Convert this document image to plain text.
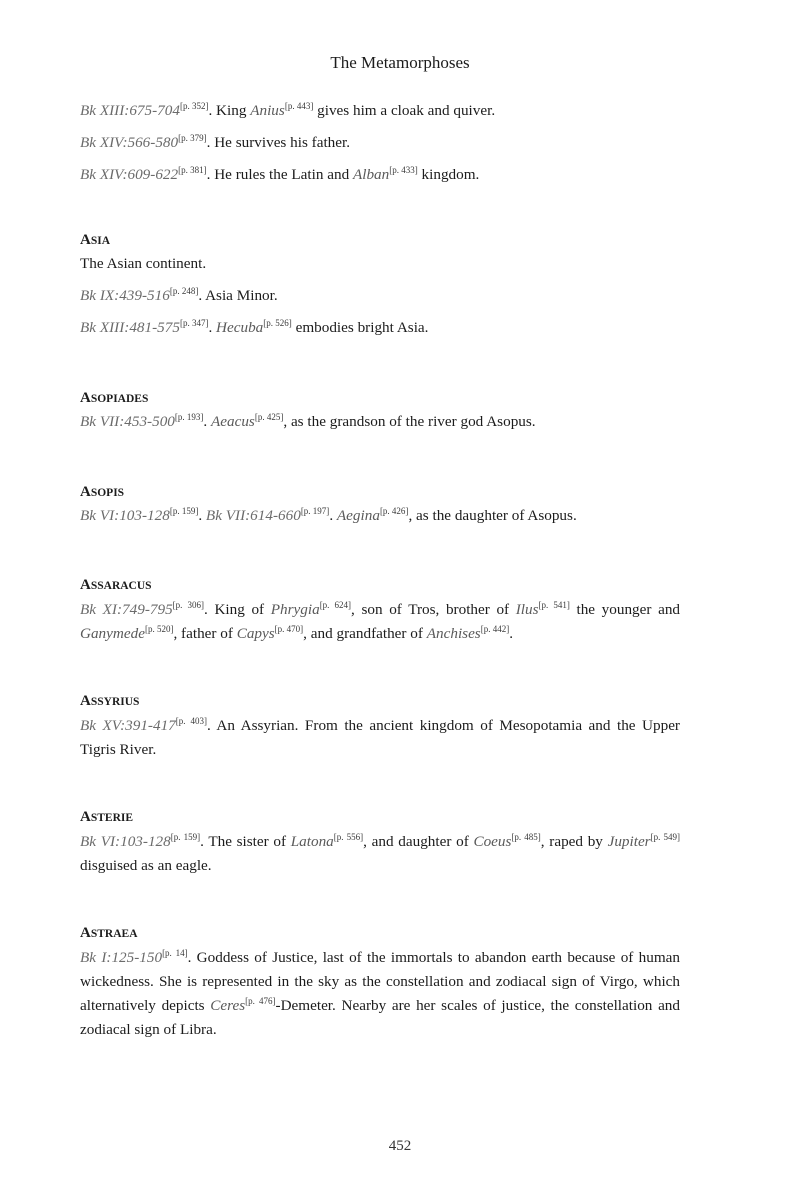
The Metamorphoses
Bk XIII:675-704[p. 352]. King Anius[p. 443] gives him a cloak and quiver.
Bk XIV:566-580[p. 379]. He survives his father.
Bk XIV:609-622[p. 381]. He rules the Latin and Alban[p. 433] kingdom.
ASIA
The Asian continent.
Bk IX:439-516[p. 248]. Asia Minor.
Bk XIII:481-575[p. 347]. Hecuba[p. 526] embodies bright Asia.
ASOPIADES
Bk VII:453-500[p. 193]. Aeacus[p. 425], as the grandson of the river god Asopus.
ASOPIS
Bk VI:103-128[p. 159]. Bk VII:614-660[p. 197]. Aegina[p. 426], as the daughter of Asopus.
ASSARACUS
Bk XI:749-795[p. 306]. King of Phrygia[p. 624], son of Tros, brother of Ilus[p. 541] the younger and Ganymede[p. 520], father of Capys[p. 470], and grandfather of Anchises[p. 442].
ASSYRIUS
Bk XV:391-417[p. 403]. An Assyrian. From the ancient kingdom of Mesopotamia and the Upper Tigris River.
ASTERIE
Bk VI:103-128[p. 159]. The sister of Latona[p. 556], and daughter of Coeus[p. 485], raped by Jupiter[p. 549] disguised as an eagle.
ASTRAEA
Bk I:125-150[p. 14]. Goddess of Justice, last of the immortals to abandon earth because of human wickedness. She is represented in the sky as the constellation and zodiacal sign of Virgo, which alternatively depicts Ceres[p. 476]-Demeter. Nearby are her scales of justice, the constellation and zodiacal sign of Libra.
452
